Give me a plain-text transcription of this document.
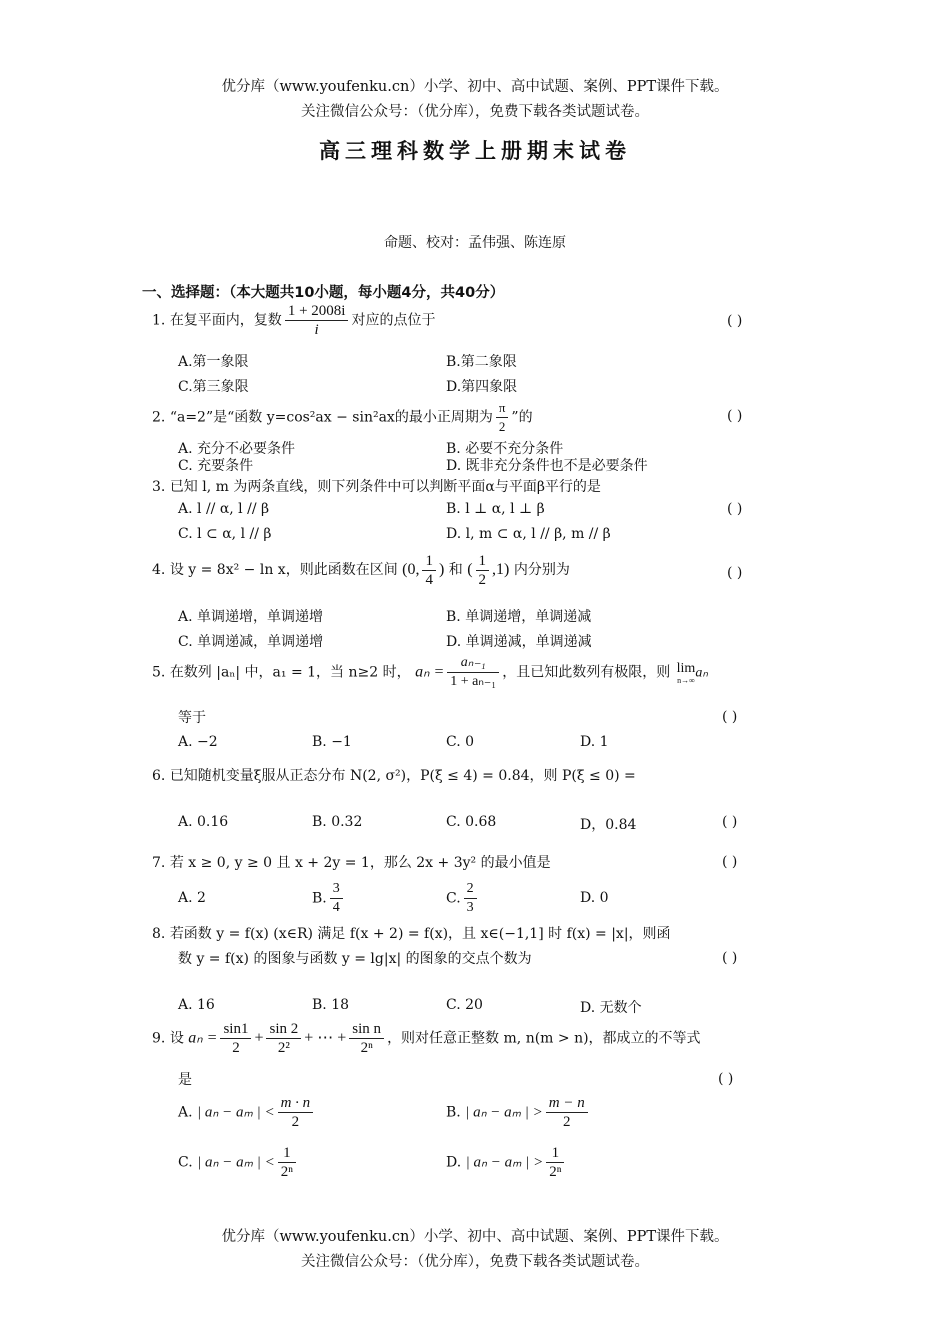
优分库（www.youfenku.cn）小学、初中、高中试题、案例、PPT课件下载。
关注微信公众号：（优分库），免费下载各类试题试卷。
高三理科数学上册期末试卷
命题、校对：孟伟强、陈连原
一、选择题：（本大题共10小题，每小题4分，共40分）
1. 在复平面内，复数 $\frac{1 + 2008i}{i}$ 对应的点位于	( )
A.第一象限	B.第二象限
C.第三象限	D.第四象限
2. “a=2”是“函数 y=cos²ax − sin²ax的最小正周期为 $\frac{\pi}{2}$ ”的	( )
A. 充分不必要条件	B. 必要不充分条件
C. 充要条件	D. 既非充分条件也不是必要条件
3. 已知 l, m 为两条直线，则下列条件中可以判断平面α与平面β平行的是
A. l // α, l // β	B. l ⊥ α, l ⊥ β	( )
C. l ⊂ α, l // β	D. l, m ⊂ α, l // β, m // β
4. 设 y = 8x² − ln x，则此函数在区间 (0, $\frac{1}{4}$ ) 和 ( $\frac{1}{2} ,1$) 内分别为	( )
A. 单调递增，单调递增	B. 单调递增，单调递减
C. 单调递减，单调递增	D. 单调递减，单调递减
5. 在数列 |aₙ| 中，a₁ = 1，当 n≥2 时， $a_n = \frac{\text{aₙ₋₁}}{\text{1 + aₙ₋₁}}$ ，且已知此数列有极限，则 lim
n→∞ aₙ
等于	( )
A. −2	B. −1	C. 0	D. 1
6. 已知随机变量ξ服从正态分布 N(2, σ²)，P(ξ ≤ 4) = 0.84，则 P(ξ ≤ 0) =
A. 0.16	B. 0.32	C. 0.68	D，0.84	( )
7. 若 x ≥ 0, y ≥ 0 且 x + 2y = 1，那么 2x + 3y² 的最小值是	( )
A. 2	B. $\frac{3}{4}$	C. $\frac{2}{3}$	D. 0
8. 若函数 y = f(x) (x∈R) 满足 f(x + 2) = f(x)，且 x∈(−1,1] 时 f(x) = |x|，则函
数 y = f(x) 的图象与函数 y = lg|x| 的图象的交点个数为	( )
A. 16	B. 18	C. 20	D. 无数个
9. 设 $a_n = \frac{\sin 1}{2} + \frac{\sin 2}{\text{2²}}$ + ⋯ + $\frac{\text{sin n}}{\text{2ⁿ}}$ ，则对任意正整数 m, n(m > n)，都成立的不等式
是	( )
A. | aₙ − aₘ | < $\frac{m \cdot n}{2}$	B. | aₙ − aₘ | > $\frac{m - n}{2}$
C. | aₙ − aₘ | < $\frac{1}{\text{2ⁿ}}$	D. | aₙ − aₘ | > $\frac{1}{\text{2ⁿ}}$
优分库（www.youfenku.cn）小学、初中、高中试题、案例、PPT课件下载。
关注微信公众号：（优分库），免费下载各类试题试卷。
